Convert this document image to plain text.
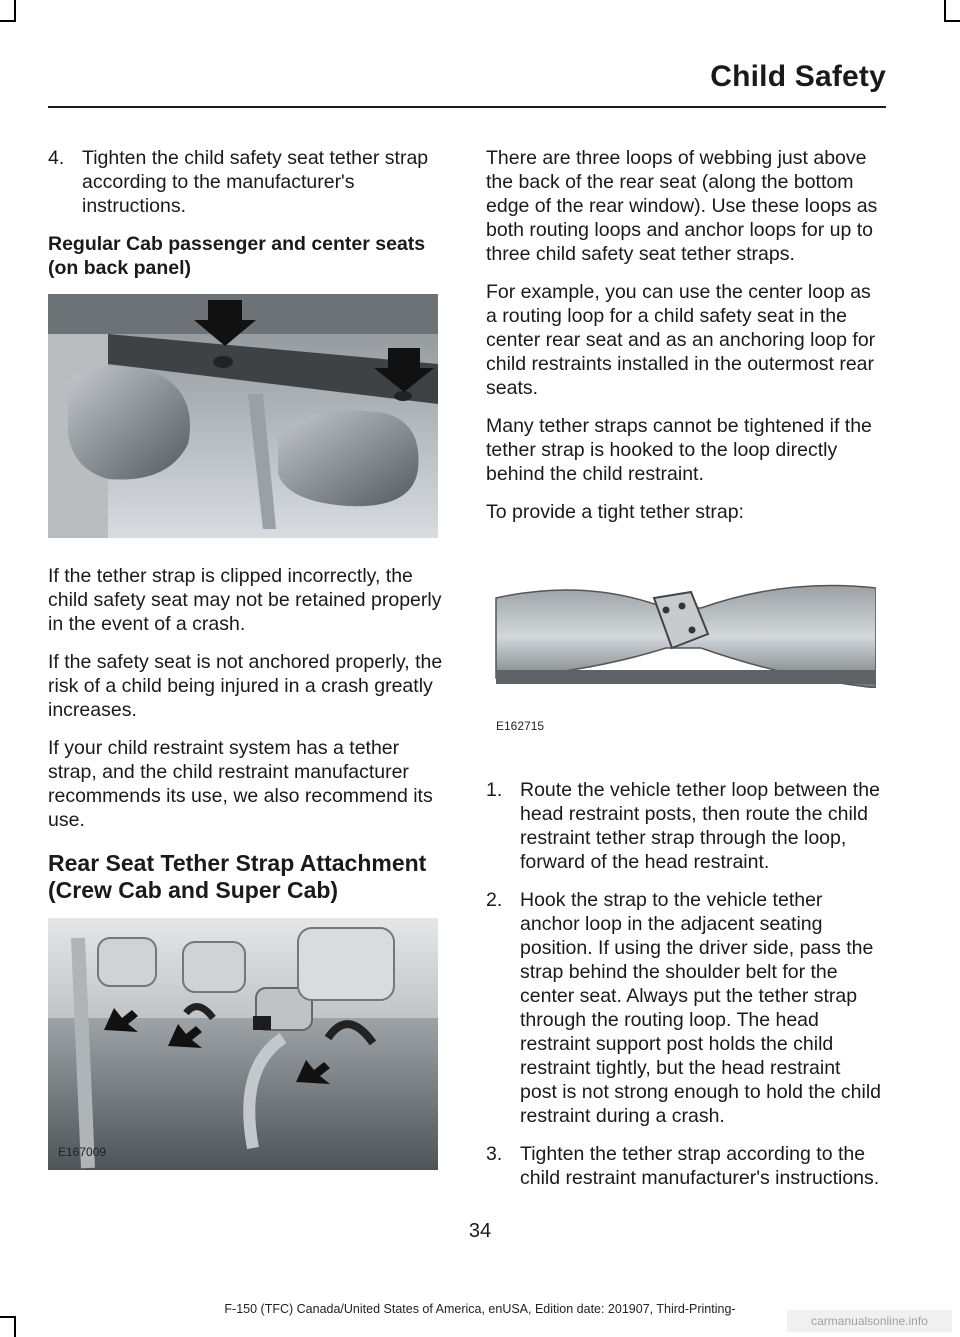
Child Safety
4. Tighten the child safety seat tether strap according to the manufacturer's instructions.
Regular Cab passenger and center seats (on back panel)

If the tether strap is clipped incorrectly, the child safety seat may not be retained properly in the event of a crash.

If the safety seat is not anchored properly, the risk of a child being injured in a crash greatly increases.

If your child restraint system has a tether strap, and the child restraint manufacturer recommends its use, we also recommend its use.

Rear Seat Tether Strap Attachment (Crew Cab and Super Cab)
E167009

There are three loops of webbing just above the back of the rear seat (along the bottom edge of the rear window). Use these loops as both routing loops and anchor loops for up to three child safety seat tether straps.

For example, you can use the center loop as a routing loop for a child safety seat in the center rear seat and as an anchoring loop for child restraints installed in the outermost rear seats.

Many tether straps cannot be tightened if the tether strap is hooked to the loop directly behind the child restraint.

To provide a tight tether strap:

E162715
1. Route the vehicle tether loop between the head restraint posts, then route the child restraint tether strap through the loop, forward of the head restraint.
2. Hook the strap to the vehicle tether anchor loop in the adjacent seating position. If using the driver side, pass the strap behind the shoulder belt for the center seat. Always put the tether strap through the routing loop. The head restraint support post holds the child restraint tightly, but the head restraint post is not strong enough to hold the child restraint during a crash.
3. Tighten the tether strap according to the child restraint manufacturer's instructions.
34
F-150 (TFC) Canada/United States of America, enUSA, Edition date: 201907, Third-Printing-
carmanualsonline.info
